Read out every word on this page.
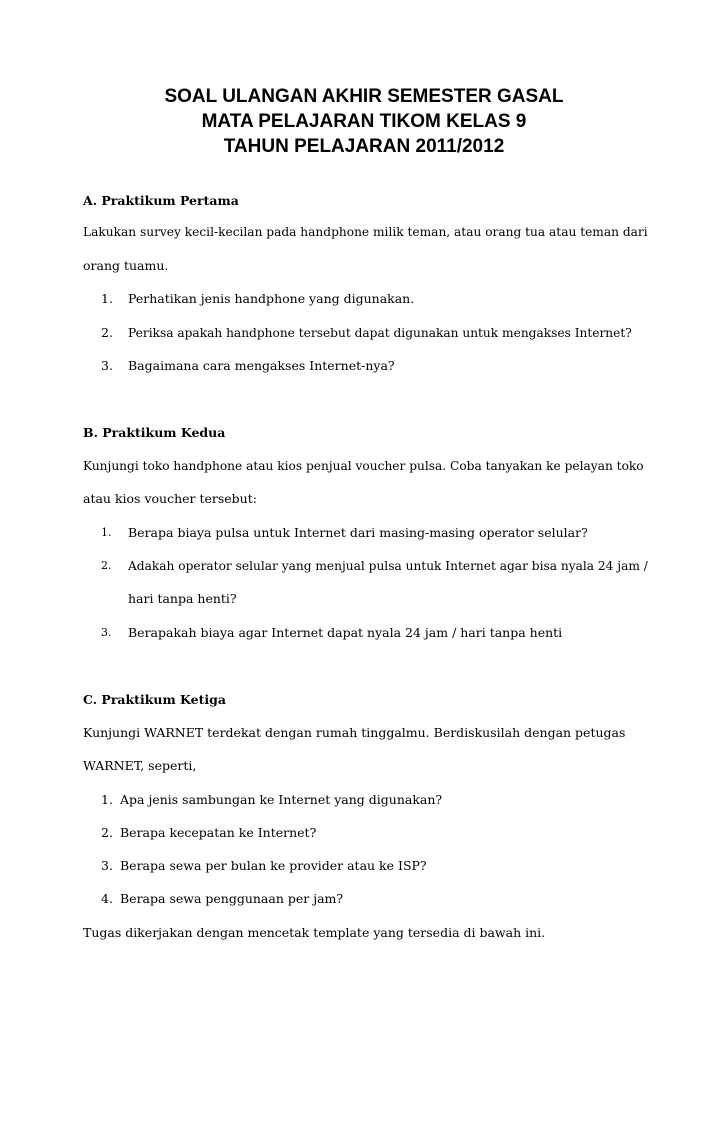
SOAL ULANGAN AKHIR SEMESTER GASAL
MATA PELAJARAN TIKOM KELAS 9
TAHUN PELAJARAN 2011/2012
A. Praktikum Pertama
Lakukan survey kecil-kecilan pada handphone milik teman, atau orang tua atau teman dari
orang tuamu.
1. Perhatikan jenis handphone yang digunakan.
2. Periksa apakah handphone tersebut dapat digunakan untuk mengakses Internet?
3. Bagaimana cara mengakses Internet-nya?
B. Praktikum Kedua
Kunjungi toko handphone atau kios penjual voucher pulsa. Coba tanyakan ke pelayan toko
atau kios voucher tersebut:
1. Berapa biaya pulsa untuk Internet dari masing-masing operator selular?
2. Adakah operator selular yang menjual pulsa untuk Internet agar bisa nyala 24 jam /
hari tanpa henti?
3. Berapakah biaya agar Internet dapat nyala 24 jam / hari tanpa henti
C. Praktikum Ketiga
Kunjungi WARNET terdekat dengan rumah tinggalmu. Berdiskusilah dengan petugas
WARNET, seperti,
1. Apa jenis sambungan ke Internet yang digunakan?
2. Berapa kecepatan ke Internet?
3. Berapa sewa per bulan ke provider atau ke ISP?
4. Berapa sewa penggunaan per jam?
Tugas dikerjakan dengan mencetak template yang tersedia di bawah ini.
